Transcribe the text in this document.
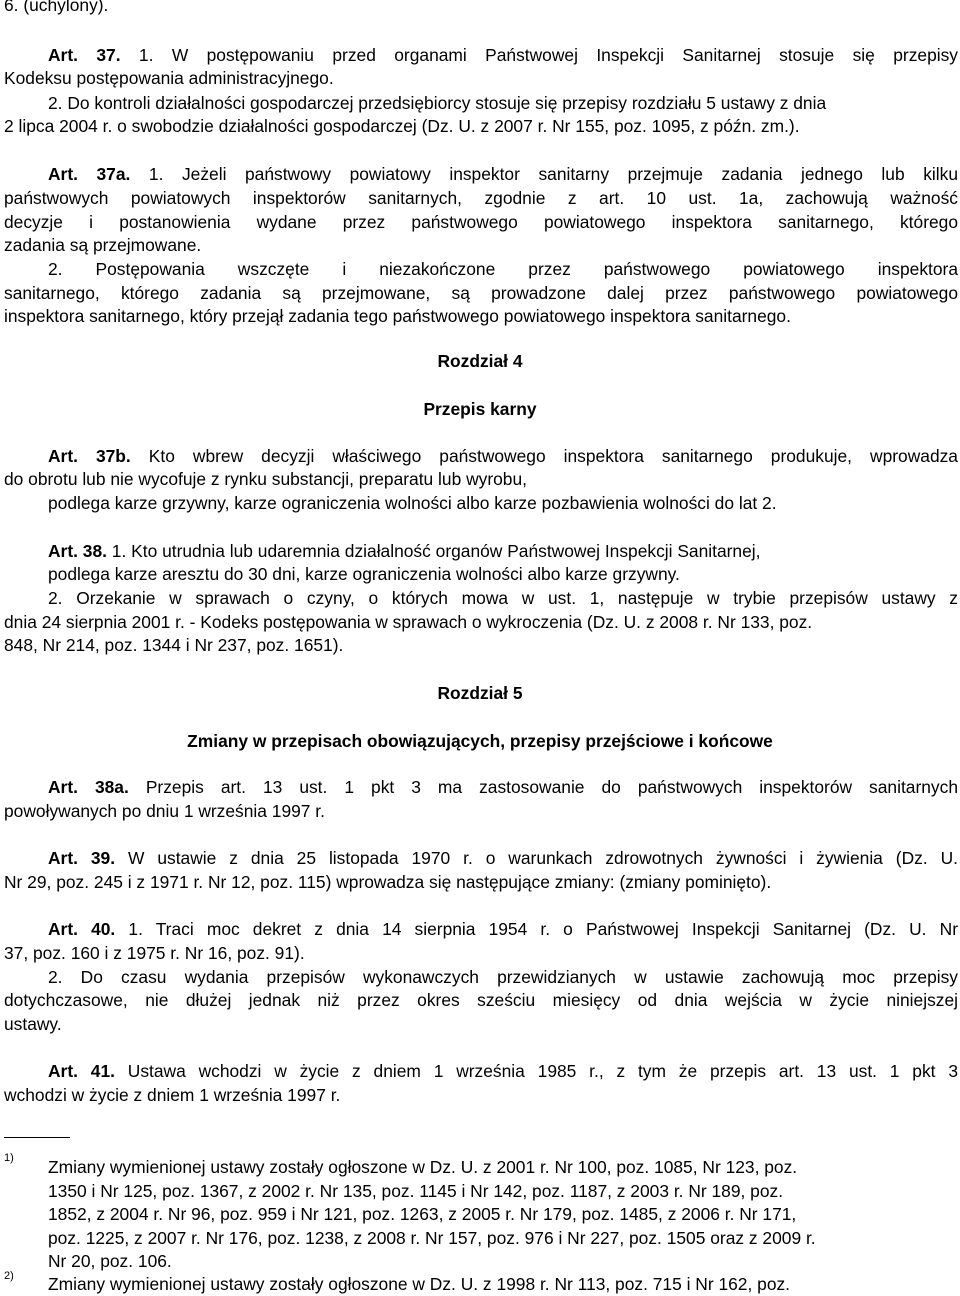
6. (uchylony).
Art. 37. 1. W postępowaniu przed organami Państwowej Inspekcji Sanitarnej stosuje się przepisy
Kodeksu postępowania administracyjnego.
2. Do kontroli działalności gospodarczej przedsiębiorcy stosuje się przepisy rozdziału 5 ustawy z dnia
2 lipca 2004 r. o swobodzie działalności gospodarczej (Dz. U. z 2007 r. Nr 155, poz. 1095, z późn. zm.).
Art. 37a. 1. Jeżeli państwowy powiatowy inspektor sanitarny przejmuje zadania jednego lub kilku
państwowych powiatowych inspektorów sanitarnych, zgodnie z art. 10 ust. 1a, zachowują ważność
decyzje i postanowienia wydane przez państwowego powiatowego inspektora sanitarnego, którego
zadania są przejmowane.
2. Postępowania wszczęte i niezakończone przez państwowego powiatowego inspektora
sanitarnego, którego zadania są przejmowane, są prowadzone dalej przez państwowego powiatowego
inspektora sanitarnego, który przejął zadania tego państwowego powiatowego inspektora sanitarnego.
Rozdział 4
Przepis karny
Art. 37b. Kto wbrew decyzji właściwego państwowego inspektora sanitarnego produkuje, wprowadza
do obrotu lub nie wycofuje z rynku substancji, preparatu lub wyrobu,
podlega karze grzywny, karze ograniczenia wolności albo karze pozbawienia wolności do lat 2.
Art. 38. 1. Kto utrudnia lub udaremnia działalność organów Państwowej Inspekcji Sanitarnej,
podlega karze aresztu do 30 dni, karze ograniczenia wolności albo karze grzywny.
2. Orzekanie w sprawach o czyny, o których mowa w ust. 1, następuje w trybie przepisów ustawy z
dnia 24 sierpnia 2001 r. - Kodeks postępowania w sprawach o wykroczenia (Dz. U. z 2008 r. Nr 133, poz.
848, Nr 214, poz. 1344 i Nr 237, poz. 1651).
Rozdział 5
Zmiany w przepisach obowiązujących, przepisy przejściowe i końcowe
Art. 38a. Przepis art. 13 ust. 1 pkt 3 ma zastosowanie do państwowych inspektorów sanitarnych
powoływanych po dniu 1 września 1997 r.
Art. 39. W ustawie z dnia 25 listopada 1970 r. o warunkach zdrowotnych żywności i żywienia (Dz. U.
Nr 29, poz. 245 i z 1971 r. Nr 12, poz. 115) wprowadza się następujące zmiany: (zmiany pominięto).
Art. 40. 1. Traci moc dekret z dnia 14 sierpnia 1954 r. o Państwowej Inspekcji Sanitarnej (Dz. U. Nr
37, poz. 160 i z 1975 r. Nr 16, poz. 91).
2. Do czasu wydania przepisów wykonawczych przewidzianych w ustawie zachowują moc przepisy
dotychczasowe, nie dłużej jednak niż przez okres sześciu miesięcy od dnia wejścia w życie niniejszej
ustawy.
Art. 41. Ustawa wchodzi w życie z dniem 1 września 1985 r., z tym że przepis art. 13 ust. 1 pkt 3
wchodzi w życie z dniem 1 września 1997 r.
1) Zmiany wymienionej ustawy zostały ogłoszone w Dz. U. z 2001 r. Nr 100, poz. 1085, Nr 123, poz.
1350 i Nr 125, poz. 1367, z 2002 r. Nr 135, poz. 1145 i Nr 142, poz. 1187, z 2003 r. Nr 189, poz.
1852, z 2004 r. Nr 96, poz. 959 i Nr 121, poz. 1263, z 2005 r. Nr 179, poz. 1485, z 2006 r. Nr 171,
poz. 1225, z 2007 r. Nr 176, poz. 1238, z 2008 r. Nr 157, poz. 976 i Nr 227, poz. 1505 oraz z 2009 r.
Nr 20, poz. 106.
2) Zmiany wymienionej ustawy zostały ogłoszone w Dz. U. z 1998 r. Nr 113, poz. 715 i Nr 162, poz.
